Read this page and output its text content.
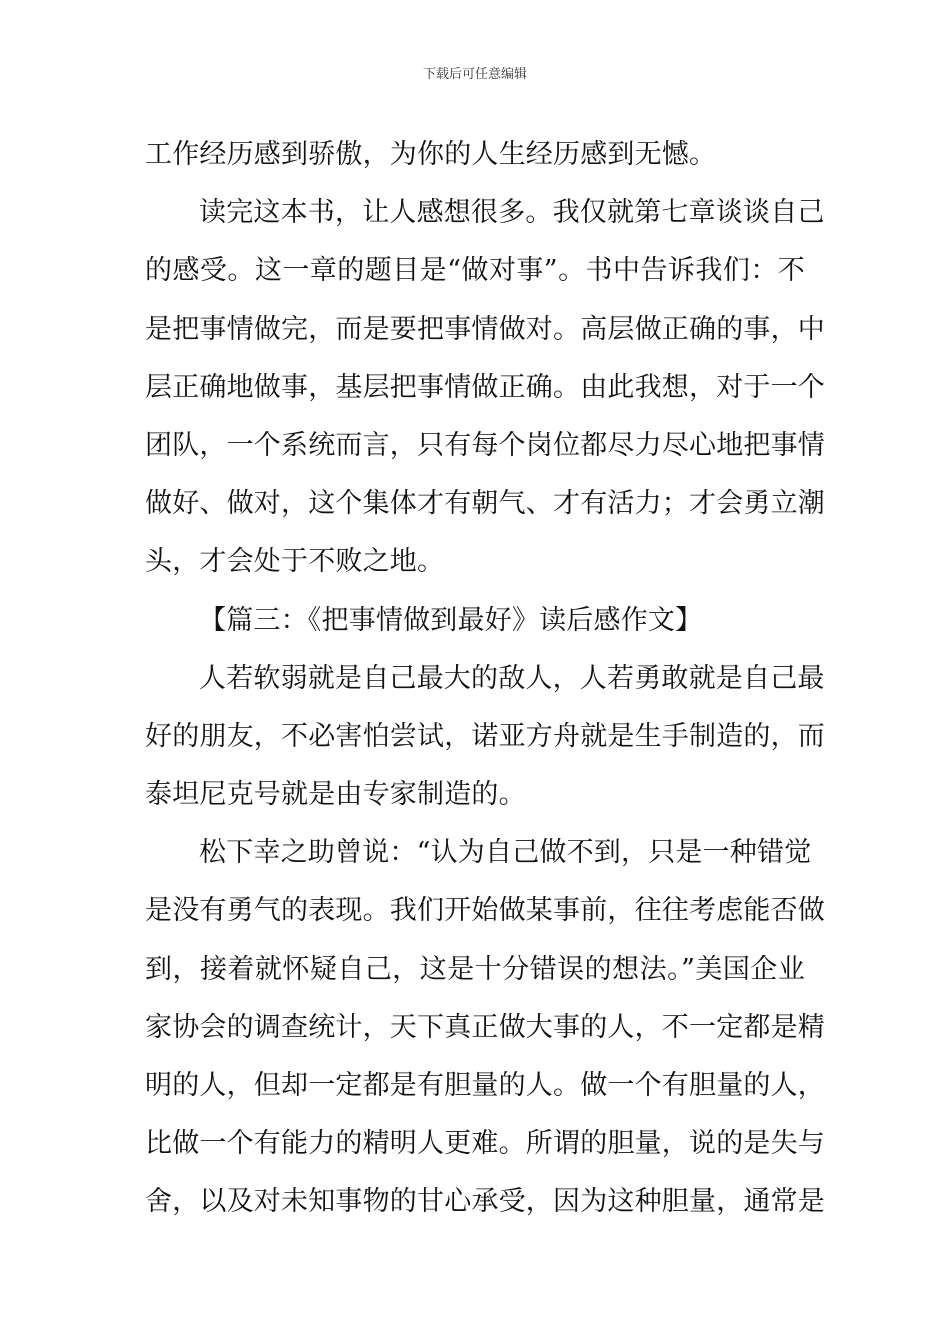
下载后可任意编辑
工作经历感到骄傲，为你的人生经历感到无憾。
读完这本书，让人感想很多。我仅就第七章谈谈自己
的感受。这一章的题目是“做对事”。书中告诉我们：不
是把事情做完，而是要把事情做对。高层做正确的事，中
层正确地做事，基层把事情做正确。由此我想，对于一个
团队，一个系统而言，只有每个岗位都尽力尽心地把事情
做好、做对，这个集体才有朝气、才有活力；才会勇立潮
头，才会处于不败之地。
【篇三：《把事情做到最好》读后感作文】
人若软弱就是自己最大的敌人，人若勇敢就是自己最
好的朋友，不必害怕尝试，诺亚方舟就是生手制造的，而
泰坦尼克号就是由专家制造的。
松下幸之助曾说：“认为自己做不到，只是一种错觉
是没有勇气的表现。我们开始做某事前，往往考虑能否做
到，接着就怀疑自己，这是十分错误的想法。”美国企业
家协会的调查统计，天下真正做大事的人，不一定都是精
明的人，但却一定都是有胆量的人。做一个有胆量的人，
比做一个有能力的精明人更难。所谓的胆量，说的是失与
舍，以及对未知事物的甘心承受，因为这种胆量，通常是
